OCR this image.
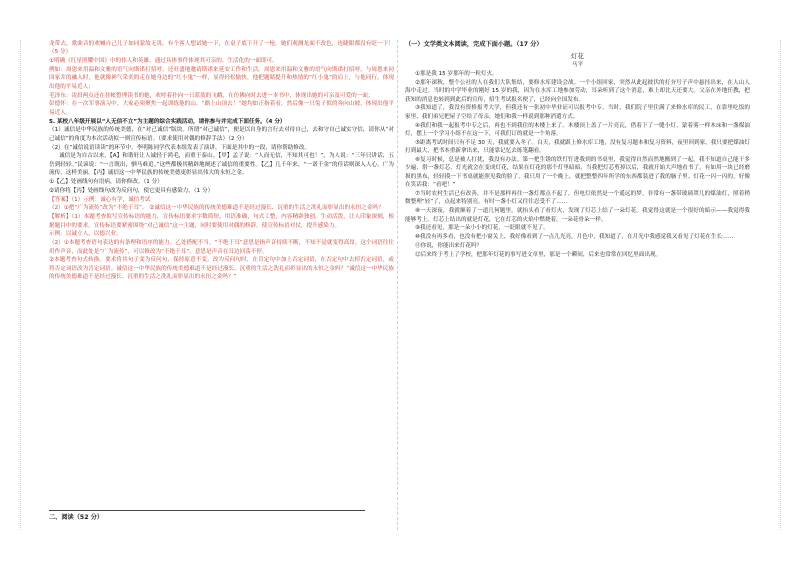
龙带去，歌曲音的欢喊自己儿子如同蒙故无畏，有个客人想试她一下，在桌子底下开了一枪。她们观测龙面不改色，连睫眼都没有眨一下！（5 分）

①明确《红星照耀中国》中的伟人和英雄，通过具体事件体现其可亲的、生活化的一面即可。

例如：周恩来用温和文雅的语气向斯诺打招呼，还旺盛地邀请斯诺来延安工作和生活。周恩来用温和文雅的语气向斯诺打招呼，与周恩来同国家并的融入时，他就像神气采奕的走在她身边的“红小鬼”一样，显得轻松愉快，他把题睛提升和热情的“红小鬼”的肩上，与他同行，体现出他的平易近人；

毛泽东：凌晨两点还在挂帐整理读书的她，欢呼着扑向一只蓝蓝的飞蛾，在仿佛向时去进一本书中，体现出她的可亲及可爱的一面；

彭德怀：在一次军事演习中，大家必须聚焦一起训练他的山，“路上山顶去！”她均如正指着看，然后像一只兔子似的奔向山坡，体现出他平易近人。

5. 某校八年级开展以“人无信不立”为主题的综合实践活动，请你参与并完成下面任务。（4 分）

（1）诚信是中华民族的传统美德，在“对己诚信”版块。所谓“对己诚信”，便是以自身的言行去对待自己，去和守自己诚实守信，请你从“对己诚信”的角度为本次活动拟一则宣传标语。（要求使用对偶的修辞手法）（2 分）

（2）在“诚信说语读读”的环节中，李明陈同学代表本组发表了演讲，下面是其中的一段，请你帮助修改。

诚信是为自古以来，【A】和谐轩让人诚轻于鸿毛，而重于泰山。【甲】孟子说：“人而无信，不知其可也！”，为人说：“三年只讲话，五岳到轻轻。”民谚说：“一言既出，驷马难追。”这些都极其精辟地阐述了诚信的重要性。【乙】几千年来，“一诺千金”的佳话则深入人心。广为流传，这样美丽。【丙】诚信这一中华民族的传统美德更彰显出伟大的永恒之金。

①【乙】处画线句有语病，请你修改。（1 分）

②请你将【丙】处画线句改为反问句，使它更具有感染力。（1 分）

【答案】（1）示例：诚心有学，诚信考试

（2）①把“广为流传”改为“不绝于耳”。 ②诚信这一中华民族的传统美德难道不是经过漫长、沉重的生活之洗礼而彰显出的永恒之金吗？

【解析】（1）本题考查拟写宣传标语的能力，宣传标语要求字数简短，用语准确，句式工整，内容精辟独创，生动活泼，让人印象深刻，根据题目中的要求，宣传标语要紧密围绕“对己诚信”这一主题，同时要使用对偶的修辞，使宣传标语对仗，提升感染力。

示例：以诚立人，以德兴业。

（2）①本题考查语句表达的有条理和语序的能力。乙处搭配不当。“不绝于耳”意思是指声音持续不断，不知不觉就变得高昂。这个词语往往用作声音，而此处是“广为流传”，可以修改为“不绝于耳”，意思是声音在耳边回荡不停。

②本题考查句式转换。要求将其句子变为反问句，保持原意不变。改为反问句时，在肯定句中加上否定词语，在否定句中去掉否定词语，或将否定词语改为肯定词语。诚信这一中华民族的传统美德难道不是经过漫长、沉重的生活之洗礼而彰显出的永恒之金吗？“诚信这一中华民族的传统美德难道不是经过漫长、沉重的生活之洗礼而彰显出的永恒之金吗？”

二、阅读（52 分）

（一）文学类文本阅读，完成下面小题。（17 分）

灯花

马平

①那是我 15 岁那年的一粒灯火。

②那年深秋，整个公社的人在我们大队集结，要修水库建设会战。一个小组回家，突然从此起彼伏的打夯号子声中悬挂出来，在人山人海中走过。当时的中学毕业的刚好 15 岁的我，因为在水库工地参加劳动，耳朵听到了这个消息，难上却比天还要大。父亲在外地任教，把获知的消息也转到到此后的宣传，招生考试报名便了，已经向全国发布。

③我知道了，我没有资格报考大学，但我还有一张初中毕业证可以报考中专。当时，我们院子里住满了来修水库的民工，在靠里吃饭的家里，我们弟兄把屋子空给了母亲，她们和我一样说到那种消遣方式。

④我们和我一起报考中专之后，再也不到我住的木楼上来了。木楼顶上盖了一片亮瓦，借着下了一缝小灯，蒙着雾一样木床和一盏煤油灯，摆上一个学习小组不在这一下，可我们订的就是一个角落。

⑤距离考试时间只有不足 30 天，我就要入冬了。白天，我就跟上修水库工地，没有复习题本和复习资料，夜里回到家，我只要把煤油灯打到最大，把书本重新拿出来，只能靠记忆去练笔翻看。

⑥复习时候，总是被人打扰，我没有办法。第一把生锈的铁钉钉进我到的书桌里，我觉得自然而然地搬到了一起。我不知道自己能干多少遍，借一盏灯芯，灯光就会在变成灯花，结果在灯花的那个灯里暗暗，当我把灯芯剪掉以后，我就开始大声地看书了，有如用一块已经磨损的黑布，轻轻摸一下书桌就能照见我的脸了。我只用了一个晚上，就把整整四年所学的东西都装进了我的脑子里。灯花一闪一闪的，好像在笑话我：“看吧！”

⑦当时农村生活已有改善，并不是那样再往一盏灯都点不起了，但电灯依然是一个遥远的梦。非常有一盏带玻璃罩儿的煤油灯，照着稍微整理“轻”了，点起来特别亮。有时一盏小灯又往往忍受不了……

⑧一天深夜，我就顺着了一道几何题里，就抬头看了看灯火，发现了灯芯上结了一朵灯花。我觉得这就是一个很好的暗示——我觉得我能够考上。灯芯上结出的就是灯花，它在灯芯的火焰中燃烧着，一朵花骨朵一样。

⑨我还看见，那是一朵小小的灯花，一眨眼就不见了。

⑩我没有再多看，也没有把小窗关上，我好像看到了一点儿光亮，月色中，我知道了，在月光中我感觉我又看见了灯花在生长……

⑪你说，你能出来灯花吗？

⑫后来终于考上了学校，把那年灯花的事写进文章里，那是一个瞬间，后来也常常在回忆里面出现。
